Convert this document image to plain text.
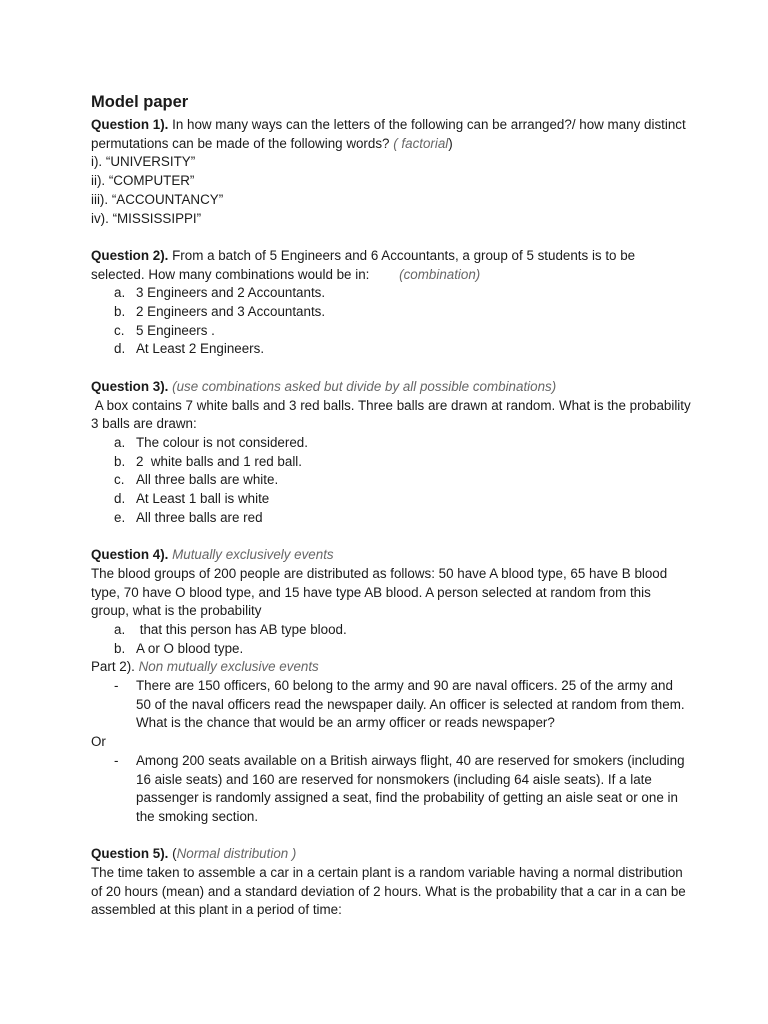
Model paper

Question 1). In how many ways can the letters of the following can be arranged?/ how many distinct permutations can be made of the following words? ( factorial)

i). “UNIVERSITY”

ii). “COMPUTER”

iii). “ACCOUNTANCY”

iv). “MISSISSIPPI”

Question 2). From a batch of 5 Engineers and 6 Accountants, a group of 5 students is to be selected. How many combinations would be in:        (combination)

a. 3 Engineers and 2 Accountants.
b. 2 Engineers and 3 Accountants.
c. 5 Engineers .
d. At Least 2 Engineers.

Question 3). (use combinations asked but divide by all possible combinations)

A box contains 7 white balls and 3 red balls. Three balls are drawn at random. What is the probability 3 balls are drawn:

a. The colour is not considered.
b. 2  white balls and 1 red ball.
c. All three balls are white.
d. At Least 1 ball is white
e. All three balls are red

Question 4). Mutually exclusively events

The blood groups of 200 people are distributed as follows: 50 have A blood type, 65 have B blood type, 70 have O blood type, and 15 have type AB blood. A person selected at random from this group, what is the probability

a. that this person has AB type blood.
b. A or O blood type.

Part 2). Non mutually exclusive events

- There are 150 officers, 60 belong to the army and 90 are naval officers. 25 of the army and 50 of the naval officers read the newspaper daily. An officer is selected at random from them. What is the chance that would be an army officer or reads newspaper?

Or

- Among 200 seats available on a British airways flight, 40 are reserved for smokers (including 16 aisle seats) and 160 are reserved for nonsmokers (including 64 aisle seats). If a late passenger is randomly assigned a seat, find the probability of getting an aisle seat or one in the smoking section.

Question 5). (Normal distribution )

The time taken to assemble a car in a certain plant is a random variable having a normal distribution of 20 hours (mean) and a standard deviation of 2 hours. What is the probability that a car in a can be assembled at this plant in a period of time:
